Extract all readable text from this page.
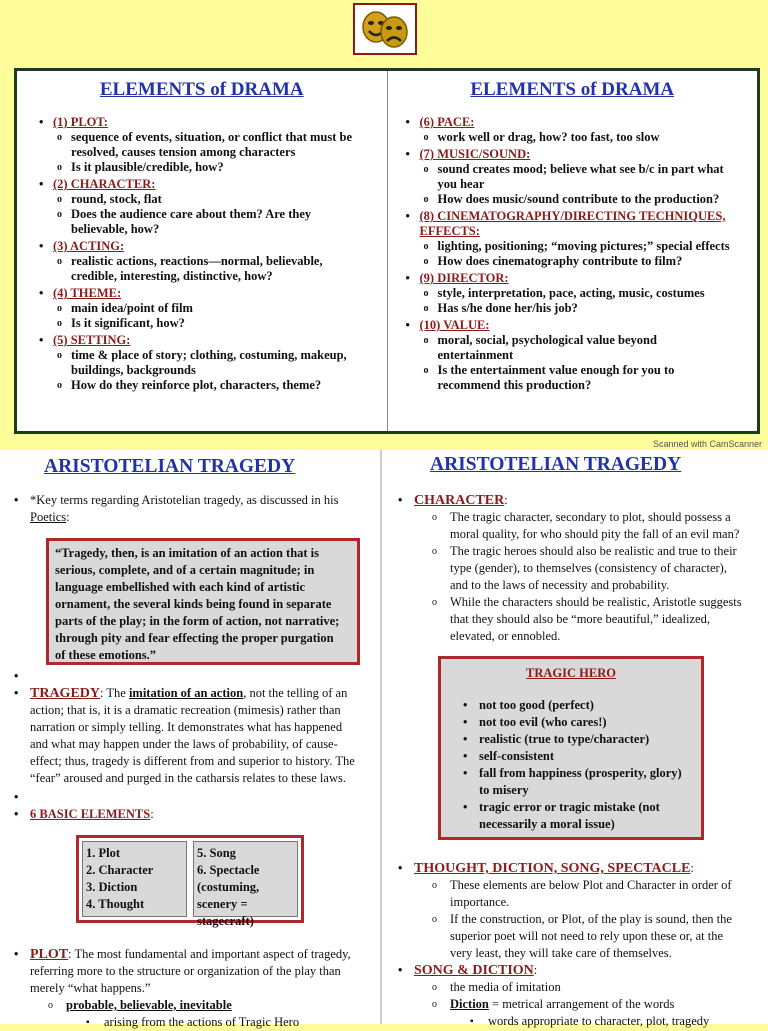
ELEMENTS of DRAMA
• (1) PLOT:
o sequence of events, situation, or conflict that must be
resolved, causes tension among characters
o Is it plausible/credible, how?
• (2) CHARACTER:
o round, stock, flat
o Does the audience care about them? Are they
believable, how?
• (3) ACTING:
o realistic actions, reactions—normal, believable,
credible, interesting, distinctive, how?
• (4) THEME:
o main idea/point of film
o Is it significant, how?
• (5) SETTING:
o time & place of story; clothing, costuming, makeup,
buildings, backgrounds
o How do they reinforce plot, characters, theme?
ELEMENTS of DRAMA
• (6) PACE:
o work well or drag, how? too fast, too slow
• (7) MUSIC/SOUND:
o sound creates mood; believe what see b/c in part what
you hear
o How does music/sound contribute to the production?
• (8) CINEMATOGRAPHY/DIRECTING TECHNIQUES,
EFFECTS:
o lighting, positioning; “moving pictures;” special effects
o How does cinematography contribute to film?
• (9) DIRECTOR:
o style, interpretation, pace, acting, music, costumes
o Has s/he done her/his job?
• (10) VALUE:
o moral, social, psychological value beyond
entertainment
o Is the entertainment value enough for you to
recommend this production?
Scanned with CamScanner
ARISTOTELIAN TRAGEDY
• *Key terms regarding Aristotelian tragedy, as discussed in his
Poetics:
“Tragedy, then, is an imitation of an action that is
serious, complete, and of a certain magnitude; in
language embellished with each kind of artistic
ornament, the several kinds being found in separate
parts of the play; in the form of action, not narrative;
through pity and fear effecting the proper purgation
of these emotions.”
•
• TRAGEDY: The imitation of an action, not the telling of an
action; that is, it is a dramatic recreation (mimesis) rather than
narration or simply telling. It demonstrates what has happened
and what may happen under the laws of probability, of cause-
effect; thus, tragedy is different from and superior to history. The
“fear” aroused and purged in the catharsis relates to these laws.
•
• 6 BASIC ELEMENTS:
1. Plot
2. Character
3. Diction
4. Thought
5. Song
6. Spectacle
(costuming, scenery =
stagecraft)
• PLOT: The most fundamental and important aspect of tragedy,
referring more to the structure or organization of the play than
merely “what happens.”
o	probable, believable, inevitable
▪	arising from the actions of Tragic Hero
ARISTOTELIAN TRAGEDY
• CHARACTER:
o	The tragic character, secondary to plot, should possess a
moral quality, for who should pity the fall of an evil man?
o	The tragic heroes should also be realistic and true to their
type (gender), to themselves (consistency of character),
and to the laws of necessity and probability.
o	While the characters should be realistic, Aristotle suggests
that they should also be “more beautiful,” idealized,
elevated, or ennobled.
TRAGIC HERO
• not too good (perfect)
• not too evil (who cares!)
• realistic (true to type/character)
• self-consistent
• fall from happiness (prosperity, glory)
to misery
• tragic error or tragic mistake (not
necessarily a moral issue)
• THOUGHT, DICTION, SONG, SPECTACLE:
o	These elements are below Plot and Character in order of
importance.
o	If the construction, or Plot, of the play is sound, then the
superior poet will not need to rely upon these or, at the
very least, they will take care of themselves.
• SONG & DICTION:
o	the media of imitation
o	Diction = metrical arrangement of the words
▪	words appropriate to character, plot, tragedy
